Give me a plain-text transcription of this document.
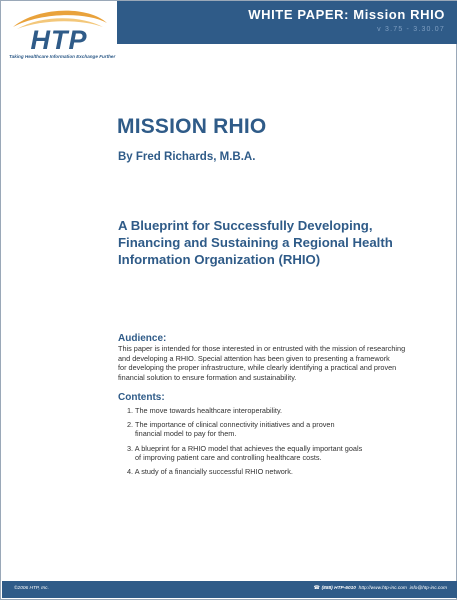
HTP
Taking Healthcare Information Exchange Further
WHITE PAPER: Mission RHIO
v 3.75 - 3.30.07
MISSION RHIO
By Fred Richards, M.B.A.
A Blueprint for Successfully Developing,
Financing and Sustaining a Regional Health
Information Organization (RHIO)
Audience:
This paper is intended for those interested in or entrusted with the mission of researching
and developing a RHIO. Special attention has been given to presenting a framework
for developing the proper infrastructure, while clearly identifying a practical and proven
financial solution to ensure formation and sustainability.
Contents:
1. The move towards healthcare interoperability.
2. The importance of clinical connectivity initiatives and a proven
financial model to pay for them.
3. A blueprint for a RHIO model that achieves the equally important goals
of improving patient care and controlling healthcare costs.
4. A study of a financially successful RHIO network.
©2006 HTP, Inc.	☎ (888) HTP-6010 http://www.htp-inc.com info@htp-inc.com
